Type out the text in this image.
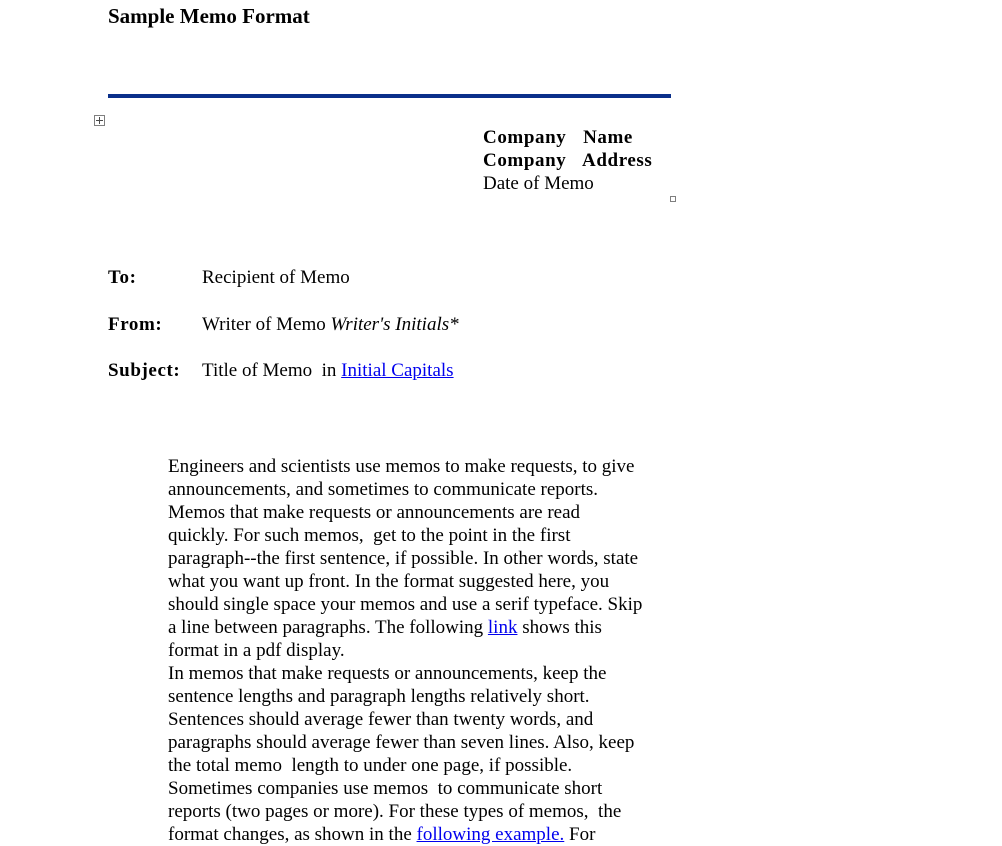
Sample Memo Format
Company  Name
Company  Address
Date of Memo
To:	Recipient of Memo
From: Writer of Memo Writer's Initials*
Subject: Title of Memo  in Initial Capitals
Engineers and scientists use memos to make requests, to give
announcements, and sometimes to communicate reports.
Memos that make requests or announcements are read
quickly. For such memos,  get to the point in the first
paragraph--the first sentence, if possible. In other words, state
what you want up front. In the format suggested here, you
should single space your memos and use a serif typeface. Skip
a line between paragraphs. The following link shows this
format in a pdf display.
In memos that make requests or announcements, keep the
sentence lengths and paragraph lengths relatively short.
Sentences should average fewer than twenty words, and
paragraphs should average fewer than seven lines. Also, keep
the total memo  length to under one page, if possible.
Sometimes companies use memos  to communicate short
reports (two pages or more). For these types of memos,  the
format changes, as shown in the following example. For
